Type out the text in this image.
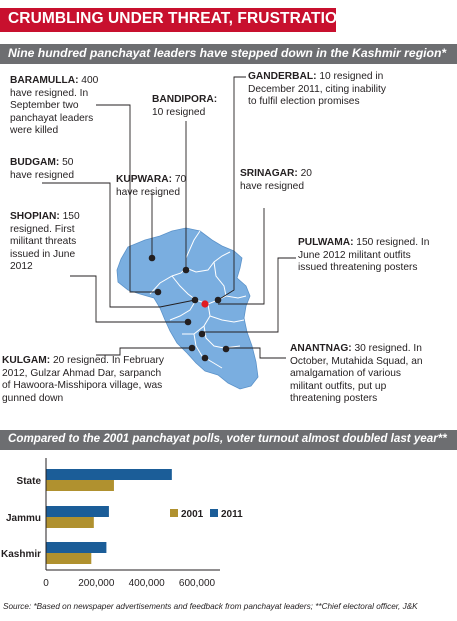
CRUMBLING UNDER THREAT, FRUSTRATION
Nine hundred panchayat leaders have stepped down in the Kashmir region*
BARAMULLA: 400 have resigned. In September two panchayat leaders were killed
BANDIPORA: 10 resigned
GANDERBAL: 10 resigned in December 2011, citing inability to fulfil election promises
BUDGAM: 50 have resigned	KUPWARA: 70 have resigned
SRINAGAR: 20 have resigned
SHOPIAN: 150 resigned. First militant threats issued in June 2012
PULWAMA: 150 resigned. In June 2012 militant outfits issued threatening posters
KULGAM: 20 resigned. In February 2012, Gulzar Ahmad Dar, sarpanch of Hawoora-Misshipora village, was gunned down
ANANTNAG: 30 resigned. In October, Mutahida Squad, an amalgamation of various militant outfits, put up threatening posters
Compared to the 2001 panchayat polls, voter turnout almost doubled last year**
State
Jammu
Kashmir
0	200,000 400,000 600,000
2001 2011
Source: *Based on newspaper advertisements and feedback from panchayat leaders; **Chief electoral officer, J&K
